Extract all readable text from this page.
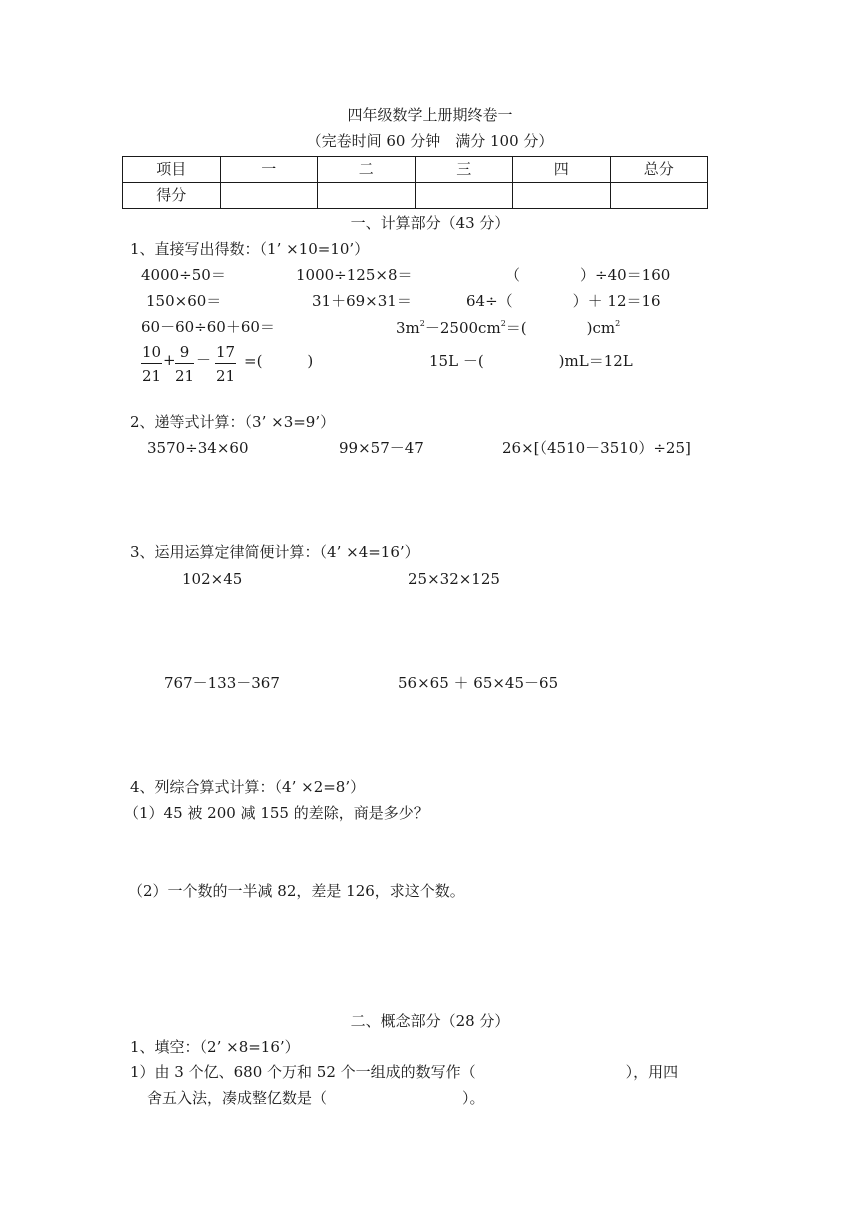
四年级数学上册期终卷一
（完卷时间 60 分钟　满分 100 分）
项目	一	二	三	四	总分
得分					
一、计算部分（43 分）
1、直接写出得数：（1’ ×10=10’）
4000÷50＝	1000÷125×8＝	（　　　　）÷40＝160
150×60＝	31＋69×31＝	64÷（　　　　）＋ 12＝16
60－60÷60＋60＝	$3m^2-2500cm^2=$(　　　　)$cm^2$
$\frac{10}{21} + \frac{9}{21} - \frac{17}{21}$ =(　　　)	15L －(　　　　　)mL＝12L
2、递等式计算：（3’ ×3=9’）
3570÷34×60	99×57－47	26×[（4510－3510）÷25]
3、运用运算定律简便计算：（4’ ×4=16’）
102×45	25×32×125
767－133－367	56×65 ＋ 65×45－65
4、列综合算式计算：（4’ ×2=8’）
（1）45 被 200 减 155 的差除，商是多少？
（2）一个数的一半减 82，差是 126，求这个数。
二、概念部分（28 分）
1、填空：（2’ ×8=16’）
1）由 3 个亿、680 个万和 52 个一组成的数写作（　　　　　　　　　　），用四
舍五入法，凑成整亿数是（　　　　　　　　　）。
